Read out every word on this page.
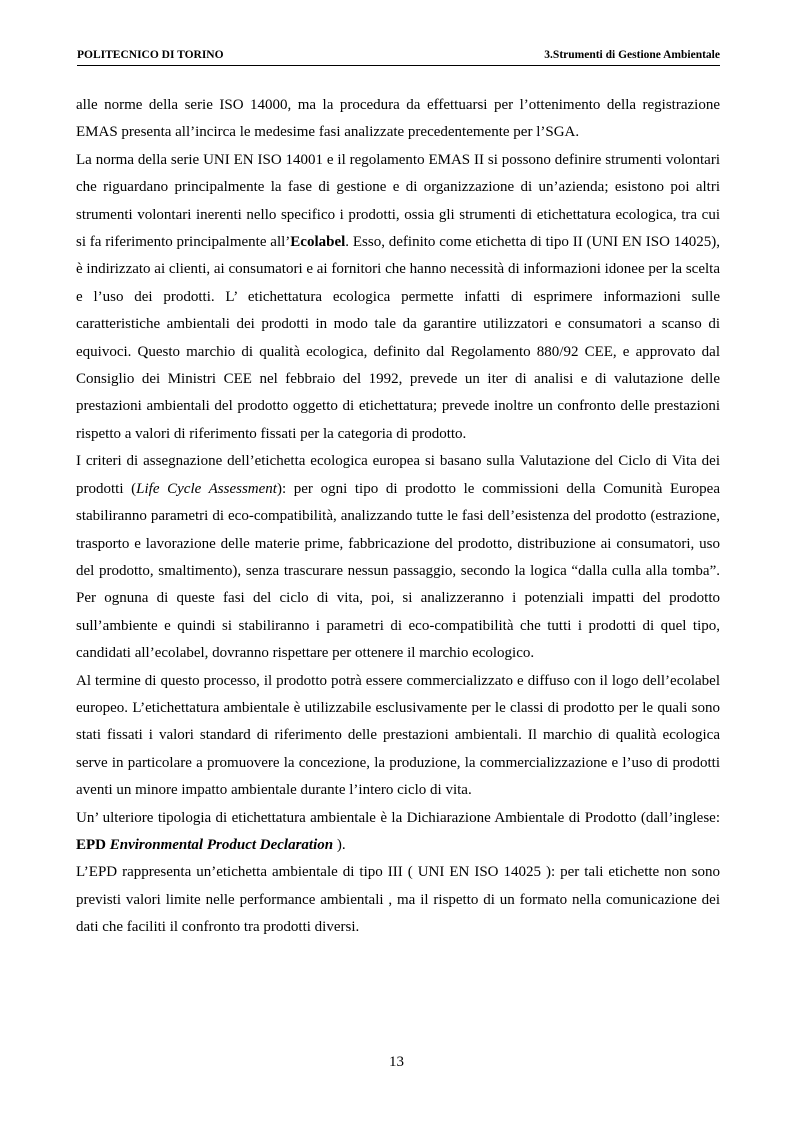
POLITECNICO DI TORINO	3.Strumenti di Gestione Ambientale

alle norme della serie ISO 14000, ma la procedura da effettuarsi per l’ottenimento della registrazione EMAS presenta all’incirca le medesime fasi analizzate precedentemente per l’SGA.

La norma della serie UNI EN ISO 14001 e il regolamento EMAS II si possono definire strumenti volontari che riguardano principalmente la fase di gestione e di organizzazione di un’azienda; esistono poi altri strumenti volontari inerenti nello specifico i prodotti, ossia gli strumenti di etichettatura ecologica, tra cui si fa riferimento principalmente all’Ecolabel. Esso, definito come etichetta di tipo II (UNI EN ISO 14025), è indirizzato ai clienti, ai consumatori e ai fornitori che hanno necessità di informazioni idonee per la scelta e l’uso dei prodotti. L’ etichettatura ecologica permette infatti di esprimere informazioni sulle caratteristiche ambientali dei prodotti in modo tale da garantire utilizzatori e consumatori a scanso di equivoci. Questo marchio di qualità ecologica, definito dal Regolamento 880/92 CEE, e approvato dal Consiglio dei Ministri CEE nel febbraio del 1992, prevede un iter di analisi e di valutazione delle prestazioni ambientali del prodotto oggetto di etichettatura; prevede inoltre un confronto delle prestazioni rispetto a valori di riferimento fissati per la categoria di prodotto.

I criteri di assegnazione dell’etichetta ecologica europea si basano sulla Valutazione del Ciclo di Vita dei prodotti (Life Cycle Assessment): per ogni tipo di prodotto le commissioni della Comunità Europea stabiliranno parametri di eco-compatibilità, analizzando tutte le fasi dell’esistenza del prodotto (estrazione, trasporto e lavorazione delle materie prime, fabbricazione del prodotto, distribuzione ai consumatori, uso del prodotto, smaltimento), senza trascurare nessun passaggio, secondo la logica “dalla culla alla tomba”. Per ognuna di queste fasi del ciclo di vita, poi, si analizzeranno i potenziali impatti del prodotto sull’ambiente e quindi si stabiliranno i parametri di eco-compatibilità che tutti i prodotti di quel tipo, candidati all’ecolabel, dovranno rispettare per ottenere il marchio ecologico.

Al termine di questo processo, il prodotto potrà essere commercializzato e diffuso con il logo dell’ecolabel europeo. L’etichettatura ambientale è utilizzabile esclusivamente per le classi di prodotto per le quali sono stati fissati i valori standard di riferimento delle prestazioni ambientali. Il marchio di qualità ecologica serve in particolare a promuovere la concezione, la produzione, la commercializzazione e l’uso di prodotti aventi un minore impatto ambientale durante l’intero ciclo di vita.

Un’ ulteriore tipologia di etichettatura ambientale è la Dichiarazione Ambientale di Prodotto (dall’inglese: EPD Environmental Product Declaration ).

L’EPD rappresenta un’etichetta ambientale di tipo III ( UNI EN ISO 14025 ): per tali etichette non sono previsti valori limite nelle performance ambientali , ma il rispetto di un formato nella comunicazione dei dati che faciliti il confronto tra prodotti diversi.

13
